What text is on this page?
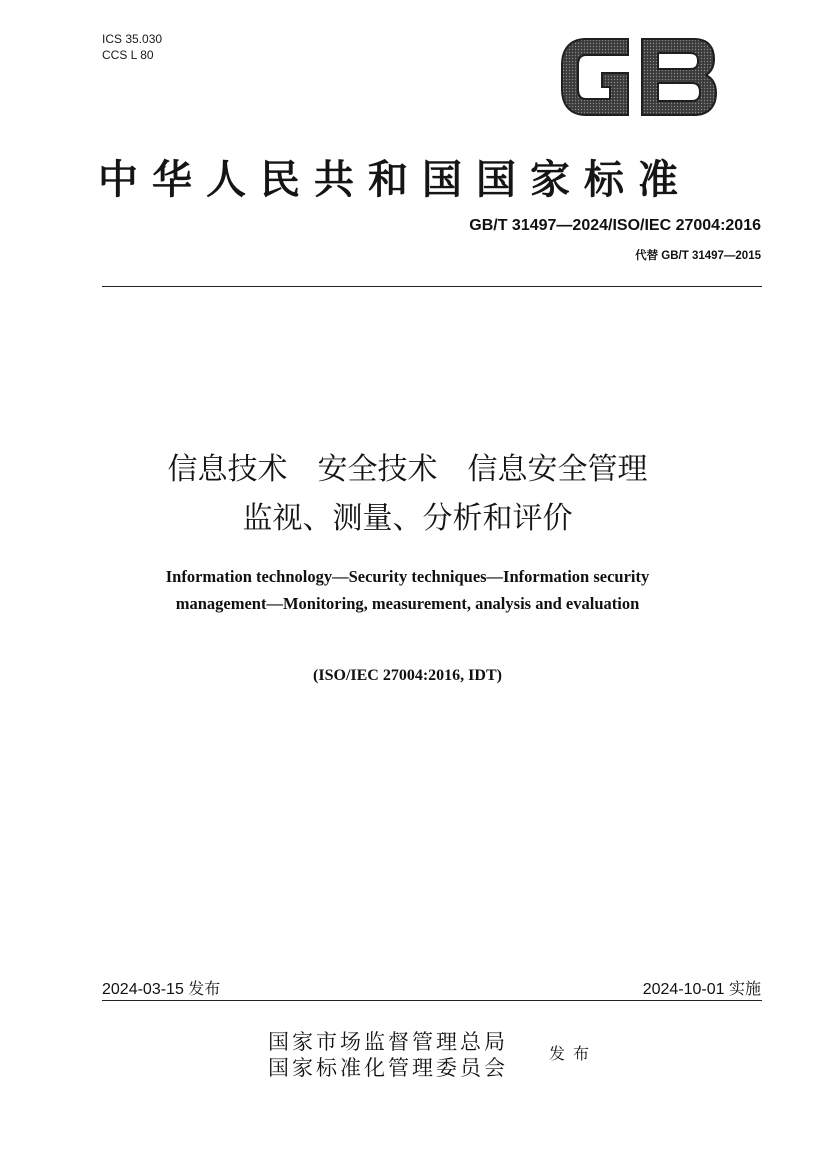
ICS 35.030
CCS L 80
中华人民共和国国家标准
GB/T 31497—2024/ISO/IEC 27004:2016
代替 GB/T 31497—2015
信息技术　安全技术　信息安全管理
监视、测量、分析和评价
Information technology—Security techniques—Information security
management—Monitoring, measurement, analysis and evaluation
(ISO/IEC 27004:2016, IDT)
2024-03-15 发布	2024-10-01 实施
国家市场监督管理总局
国家标准化管理委员会
发布
